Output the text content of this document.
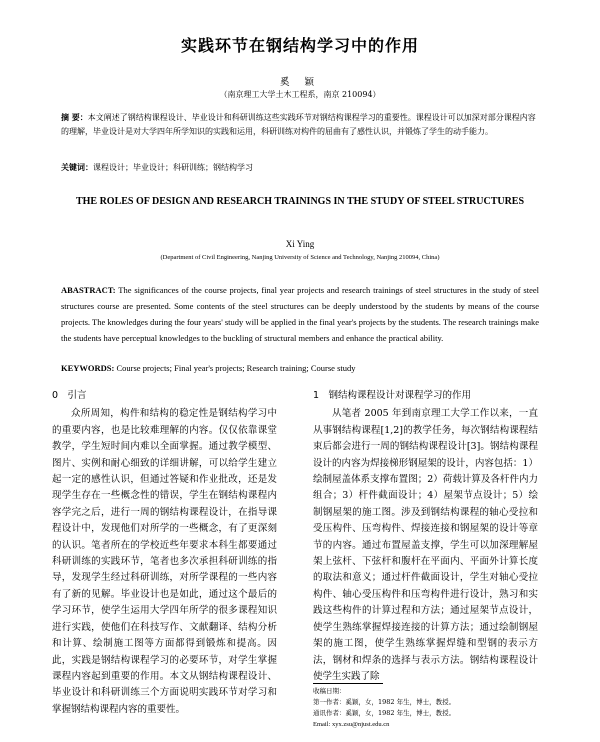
实践环节在钢结构学习中的作用
奚 颖
（南京理工大学土木工程系，南京 210094）
摘 要：本文阐述了钢结构课程设计、毕业设计和科研训练这些实践环节对钢结构课程学习的重要性。课程设计可以加深对部分课程内容的理解，毕业设计是对大学四年所学知识的实践和运用，科研训练对构件的屈曲有了感性认识，并锻炼了学生的动手能力。
关键词：课程设计；毕业设计；科研训练；钢结构学习
THE ROLES OF DESIGN AND RESEARCH TRAININGS IN THE STUDY OF STEEL STRUCTURES
Xi Ying
(Department of Civil Engineering, Nanjing University of Science and Technology, Nanjing 210094, China)
ABASTRACT: The significances of the course projects, final year projects and research trainings of steel structures in the study of steel structures course are presented. Some contents of the steel structures can be deeply understood by the students by means of the course projects. The knowledges during the four years' study will be applied in the final year's projects by the students. The research trainings make the students have perceptual knowledges to the buckling of structural members and enhance the practical ability.
KEYWORDS: Course projects; Final year's projects; Research training; Course study
0　引言

众所周知，构件和结构的稳定性是钢结构学习中的重要内容，也是比较难理解的内容。仅仅依靠课堂教学，学生短时间内难以全面掌握。通过教学模型、图片、实例和耐心细致的详细讲解，可以给学生建立起一定的感性认识，但通过答疑和作业批改，还是发现学生存在一些概念性的错误，学生在钢结构课程内容学完之后，进行一周的钢结构课程设计，在指导课程设计中，发现他们对所学的一些概念，有了更深刻的认识。笔者所在的学校近些年要求本科生都要通过科研训练的实践环节，笔者也多次承担科研训练的指导，发现学生经过科研训练，对所学课程的一些内容有了新的见解。毕业设计也是如此，通过这个最后的学习环节，使学生运用大学四年所学的很多课程知识进行实践，使他们在科技写作、文献翻译、结构分析和计算、绘制施工图等方面都得到锻炼和提高。因此，实践是钢结构课程学习的必要环节，对学生掌握课程内容起到重要的作用。本文从钢结构课程设计、毕业设计和科研训练三个方面说明实践环节对学习和掌握钢结构课程内容的重要性。

1　钢结构课程设计对课程学习的作用

从笔者 2005 年到南京理工大学工作以来，一直从事钢结构课程[1,2]的教学任务，每次钢结构课程结束后都会进行一周的钢结构课程设计[3]。钢结构课程设计的内容为焊接梯形钢屋架的设计，内容包括：1）绘制屋盖体系支撑布置图；2）荷载计算及各杆件内力组合；3）杆件截面设计；4）屋架节点设计；5）绘制钢屋架的施工图。涉及到钢结构课程的轴心受拉和受压构件、压弯构件、焊接连接和钢屋架的设计等章节的内容。通过布置屋盖支撑，学生可以加深理解屋架上弦杆、下弦杆和腹杆在平面内、平面外计算长度的取法和意义；通过杆件截面设计，学生对轴心受拉构件、轴心受压构件和压弯构件进行设计，熟习和实践这些构件的计算过程和方法；通过屋架节点设计，使学生熟练掌握焊接连接的计算方法；通过绘制钢屋架的施工图，使学生熟练掌握焊缝和型钢的表示方法，钢材和焊条的选择与表示方法。钢结构课程设计使学生实践了除

收稿日期：
第一作者：奚颖，女，1982 年生，博士，教授。
通讯作者：奚颖，女，1982 年生，博士，教授。
Email: xyx.zsu@njust.edu.cn
